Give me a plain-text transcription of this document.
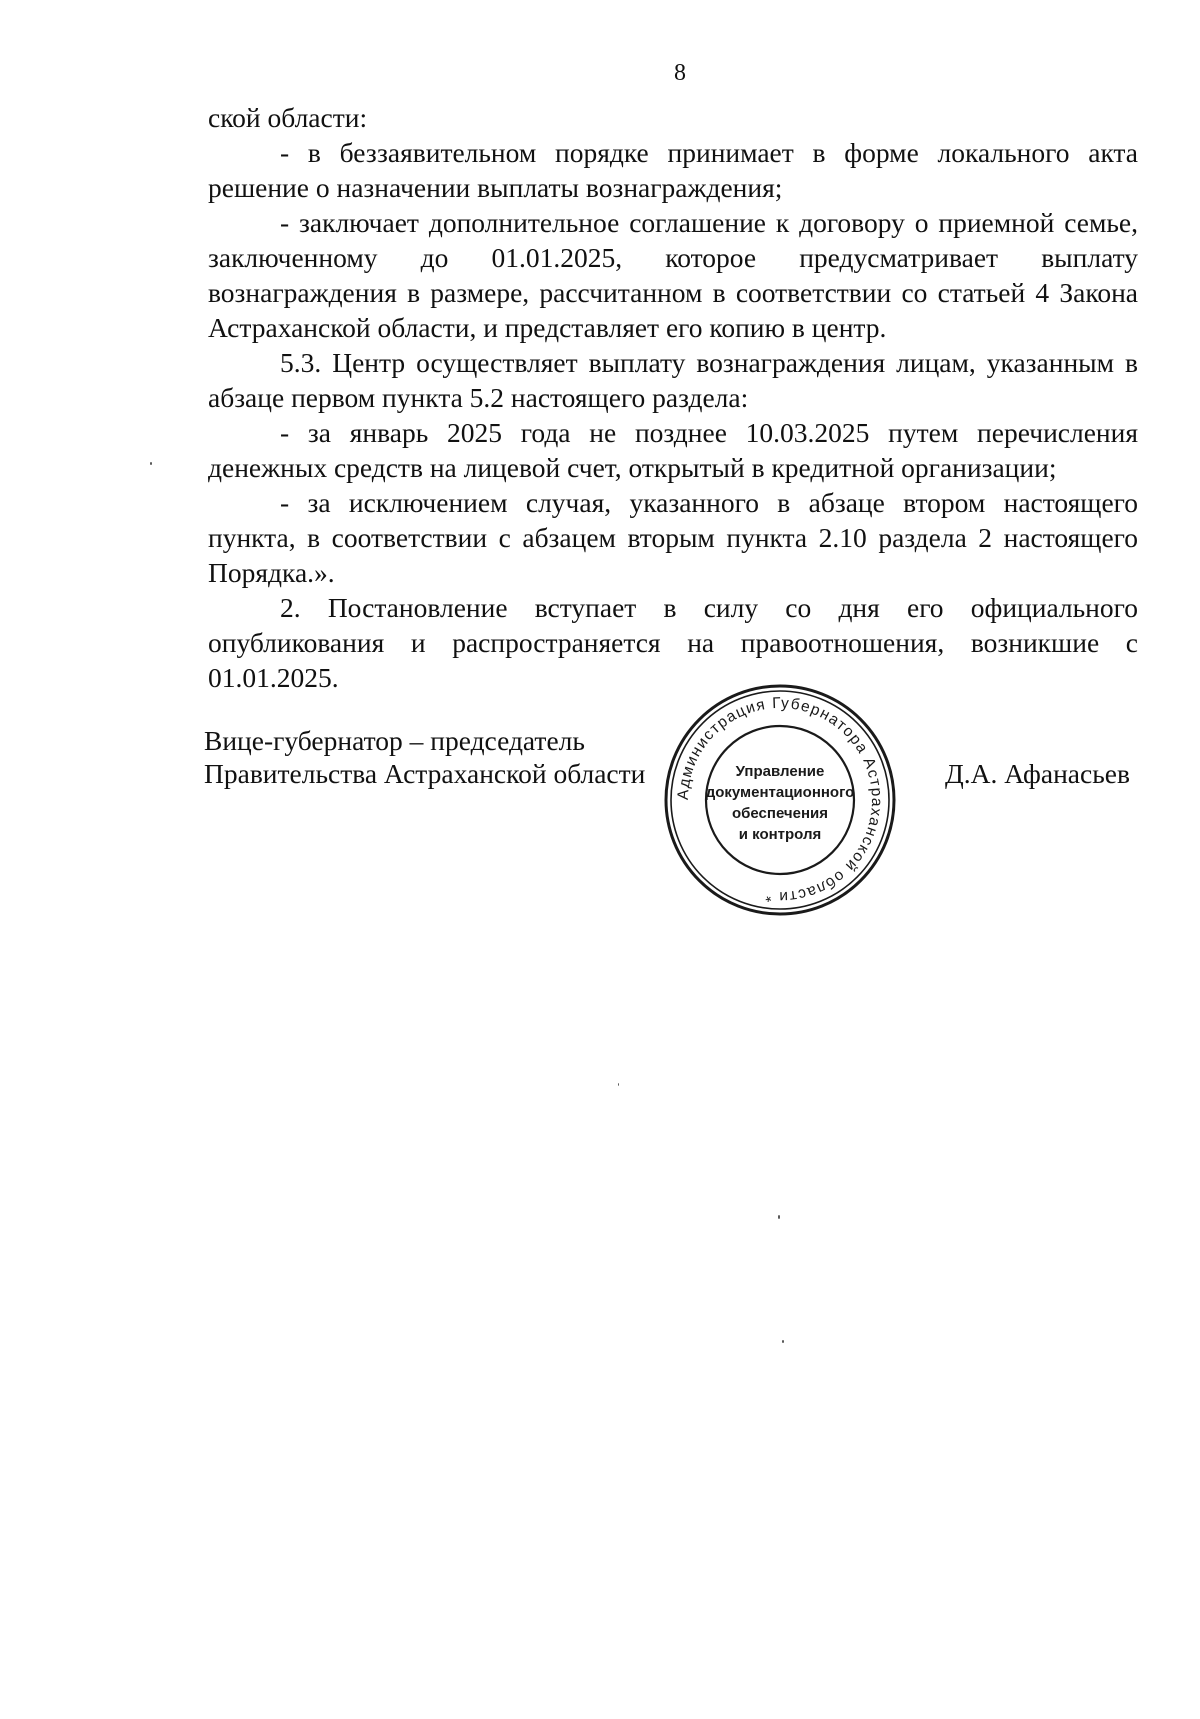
8

ской области:

- в беззаявительном порядке принимает в форме локального акта решение о назначении выплаты вознаграждения;

- заключает дополнительное соглашение к договору о приемной семье, заключенному до 01.01.2025, которое предусматривает выплату вознаграждения в размере, рассчитанном в соответствии со статьей 4 Закона Астраханской области, и представляет его копию в центр.

5.3. Центр осуществляет выплату вознаграждения лицам, указанным в абзаце первом пункта 5.2 настоящего раздела:

- за январь 2025 года не позднее 10.03.2025 путем перечисления денежных средств на лицевой счет, открытый в кредитной организации;

- за исключением случая, указанного в абзаце втором настоящего пункта, в соответствии с абзацем вторым пункта 2.10 раздела 2 настоящего Порядка.».

2. Постановление вступает в силу со дня его официального опубликования и распространяется на правоотношения, возникшие с 01.01.2025.

Вице-губернатор – председатель
Правительства Астраханской области	Д.А. Афанасьев
Администрация Губернатора Астраханской области *
Управление
документационного
обеспечения
и контроля
